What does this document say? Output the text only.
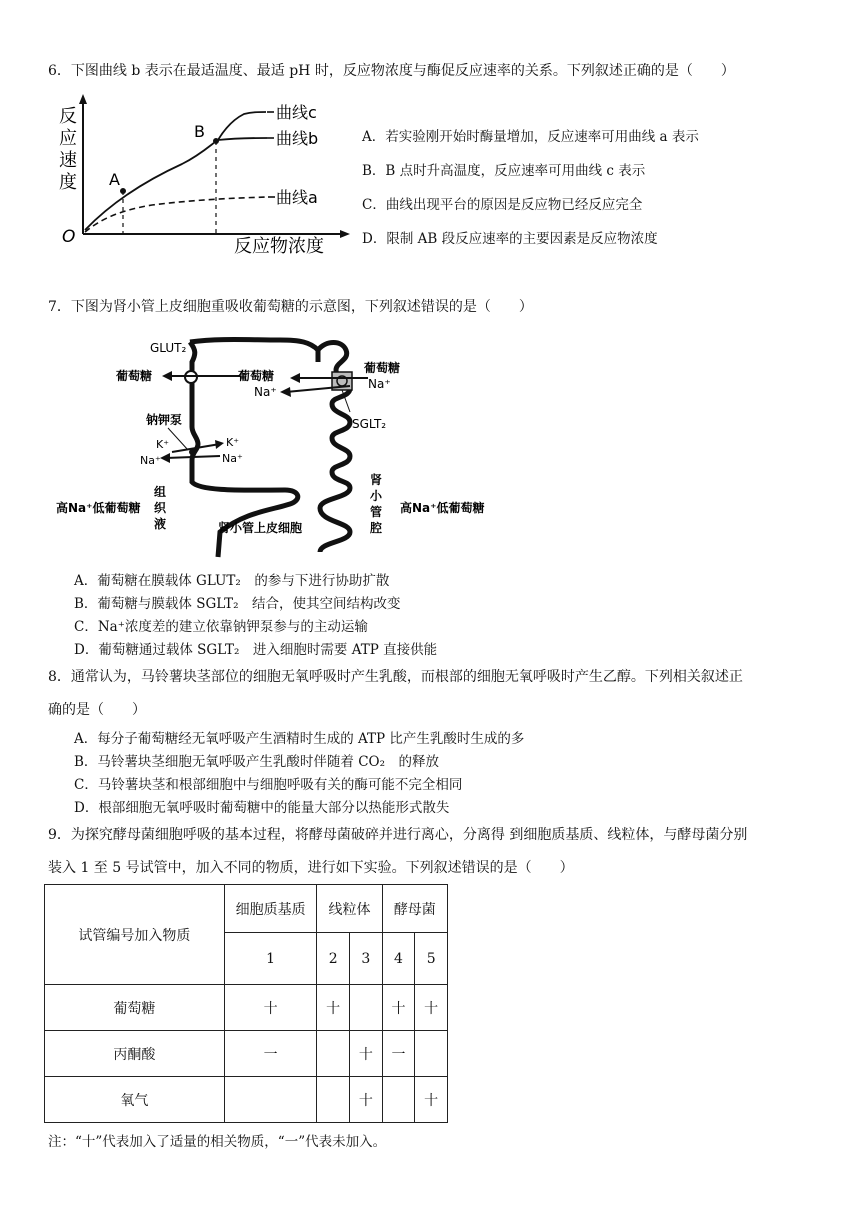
6．下图曲线 b 表示在最适温度、最适 pH 时，反应物浓度与酶促反应速率的关系。下列叙述正确的是（　　）
反
应
速
度
O	反应物浓度
A
B
曲线c
曲线b
曲线a
A．若实验刚开始时酶量增加，反应速率可用曲线 a 表示
B．B 点时升高温度，反应速率可用曲线 c 表示
C．曲线出现平台的原因是反应物已经反应完全
D．限制 AB 段反应速率的主要因素是反应物浓度
7．下图为肾小管上皮细胞重吸收葡萄糖的示意图，下列叙述错误的是（　　）
GLUT₂
葡萄糖	葡萄糖
葡萄糖
Na⁺
Na⁺
SGLT₂
钠钾泵
K⁺
Na⁺
K⁺
Na⁺
高Na⁺低葡萄糖
组
织
液
肾
小
管
腔
高Na⁺低葡萄糖
肾小管上皮细胞
A．葡萄糖在膜载体 GLUT₂　的参与下进行协助扩散
B．葡萄糖与膜载体 SGLT₂　结合，使其空间结构改变
C．Na⁺浓度差的建立依靠钠钾泵参与的主动运输
D．葡萄糖通过载体 SGLT₂　进入细胞时需要 ATP 直接供能
8．通常认为，马铃薯块茎部位的细胞无氧呼吸时产生乳酸，而根部的细胞无氧呼吸时产生乙醇。下列相关叙述正
确的是（　　）
A．每分子葡萄糖经无氧呼吸产生酒精时生成的 ATP 比产生乳酸时生成的多
B．马铃薯块茎细胞无氧呼吸产生乳酸时伴随着 CO₂　的释放
C．马铃薯块茎和根部细胞中与细胞呼吸有关的酶可能不完全相同
D．根部细胞无氧呼吸时葡萄糖中的能量大部分以热能形式散失
9．为探究酵母菌细胞呼吸的基本过程，将酵母菌破碎并进行离心，分离得 到细胞质基质、线粒体，与酵母菌分别
装入 1 至 5 号试管中，加入不同的物质，进行如下实验。下列叙述错误的是（　　）
试管编号加入物质	细胞质基质	线粒体		酵母菌	
	1	2	3	4	5
葡萄糖	十	十		十	十
丙酮酸	一		十	一	
氧气			十		十
注：“十”代表加入了适量的相关物质，“一”代表未加入。
